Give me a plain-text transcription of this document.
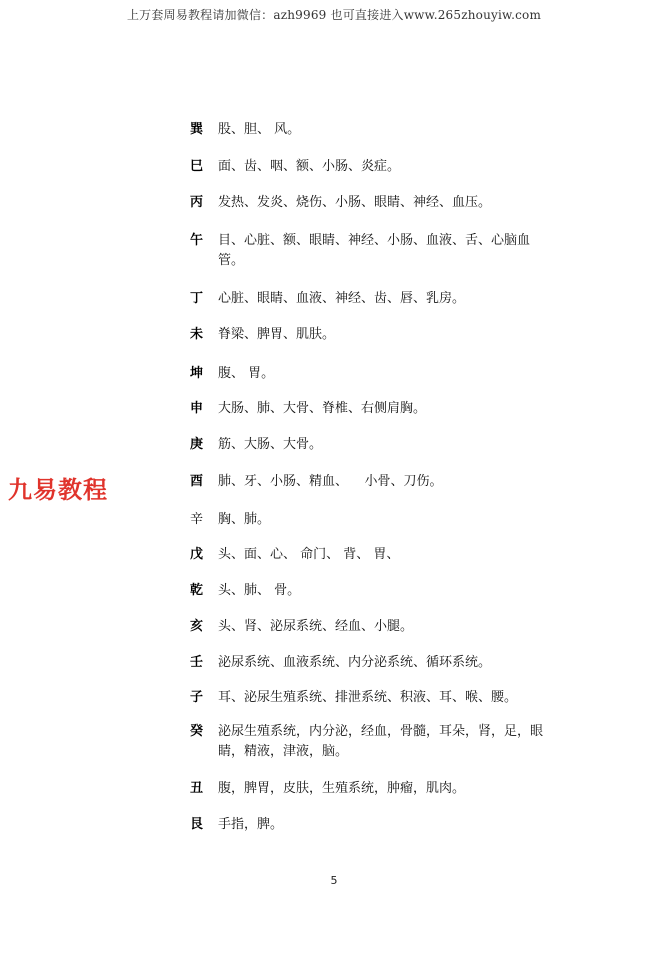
上万套周易教程请加微信：azh9969 也可直接进入www.265zhouyiw.com
九易教程
巽	股、胆、 风。
巳	面、齿、咽、额、小肠、炎症。
丙	发热、发炎、烧伤、小肠、眼睛、神经、血压。
午	目、心脏、额、眼睛、神经、小肠、血液、舌、心脑血管。
丁	心脏、眼睛、血液、神经、齿、唇、乳房。
未	脊梁、脾胃、肌肤。
坤	腹、 胃。
申	大肠、肺、大骨、脊椎、右侧肩胸。
庚	筋、大肠、大骨。
酉	肺、牙、小肠、精血、    小骨、刀伤。
辛	胸、肺。
戊	头、面、心、 命门、 背、 胃、
乾	头、肺、 骨。
亥	头、肾、泌尿系统、经血、小腿。
壬	泌尿系统、血液系统、内分泌系统、循环系统。
子	耳、泌尿生殖系统、排泄系统、积液、耳、喉、腰。
癸	泌尿生殖系统，内分泌，经血，骨髓，耳朵，肾，足，眼睛，精液，津液，脑。
丑	腹，脾胃，皮肤，生殖系统，肿瘤，肌肉。
艮	手指，脾。
5
